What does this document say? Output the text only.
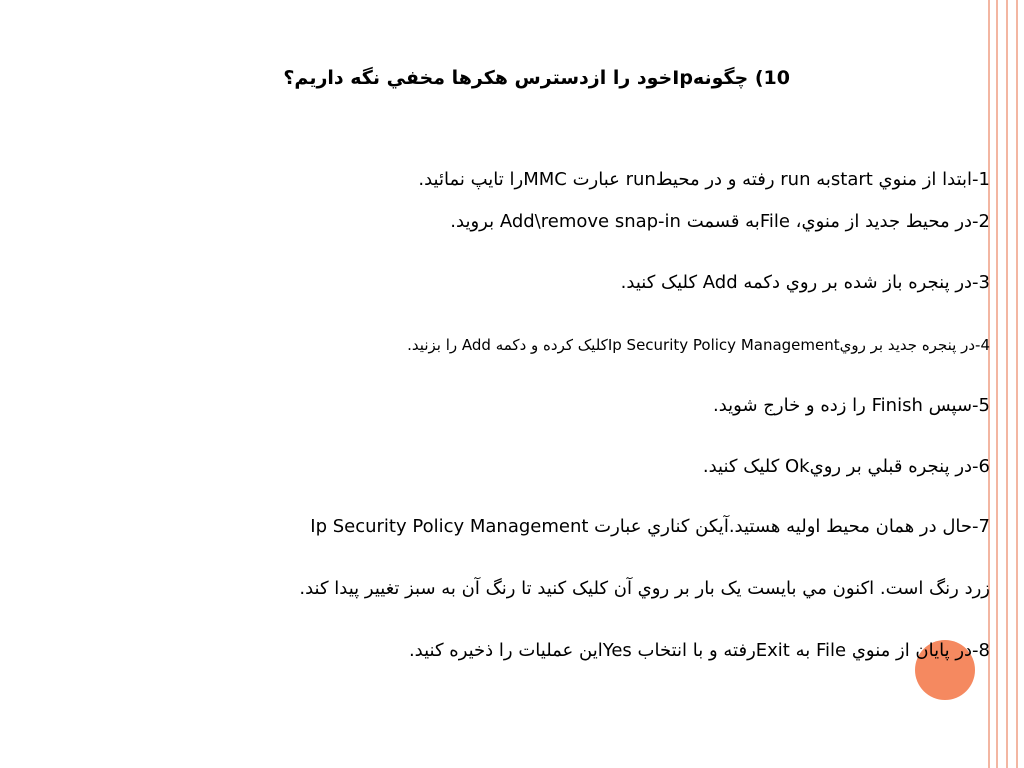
10) چگونهIpخود را ازدسترس هکرها مخفي نگه داريم؟
1-ابتدا از منوي startبه run رفته و در محيطrun عبارت MMCرا تايپ نمائيد.
2-در محيط جديد از منوي، Fileبه قسمت Add\remove snap-in برويد.
3-در پنجره باز شده بر روي دکمه Add کليک کنيد.
4-در پنجره جديد بر رويIp Security Policy Managementکليک کرده و دکمه Add را بزنيد.
5-سپس Finish را زده و خارج شويد.
6-در پنجره قبلي بر رويOk کليک کنيد.
7-حال در همان محيط اوليه هستيد.آيکن کناري عبارت Ip Security Policy Management
زرد رنگ است. اکنون مي بايست يک بار بر روي آن کليک کنيد تا رنگ آن به سبز تغيير پيدا کند.
8-در پايان از منوي File به Exitرفته و با انتخاب Yesاين عمليات را ذخيره کنيد.
